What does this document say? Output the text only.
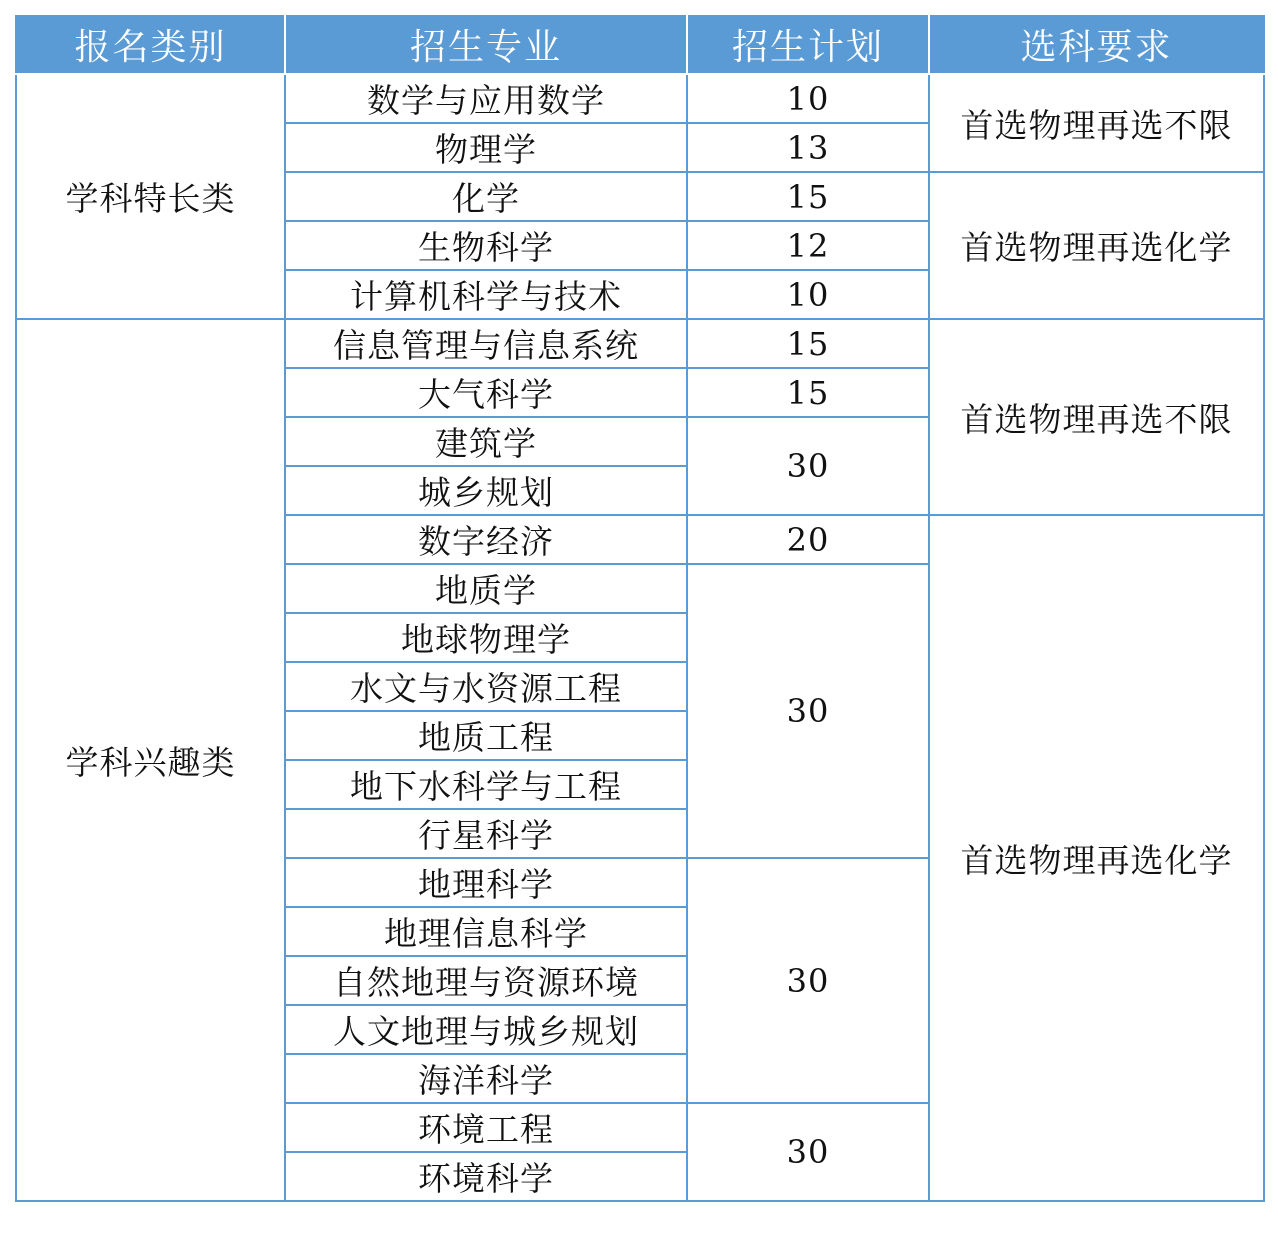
报名类别	招生专业	招生计划	选科要求
学科特长类	数学与应用数学	10	首选物理再选不限
	物理学	13	
	化学	15	首选物理再选化学
	生物科学	12	
	计算机科学与技术	10	
学科兴趣类	信息管理与信息系统	15	首选物理再选不限
	大气科学	15	
	建筑学	30	
	城乡规划		
	数字经济	20	首选物理再选化学
	地质学	30	
	地球物理学		
	水文与水资源工程		
	地质工程		
	地下水科学与工程		
	行星科学		
	地理科学	30	
	地理信息科学		
	自然地理与资源环境		
	人文地理与城乡规划		
	海洋科学		
	环境工程	30	
	环境科学		
